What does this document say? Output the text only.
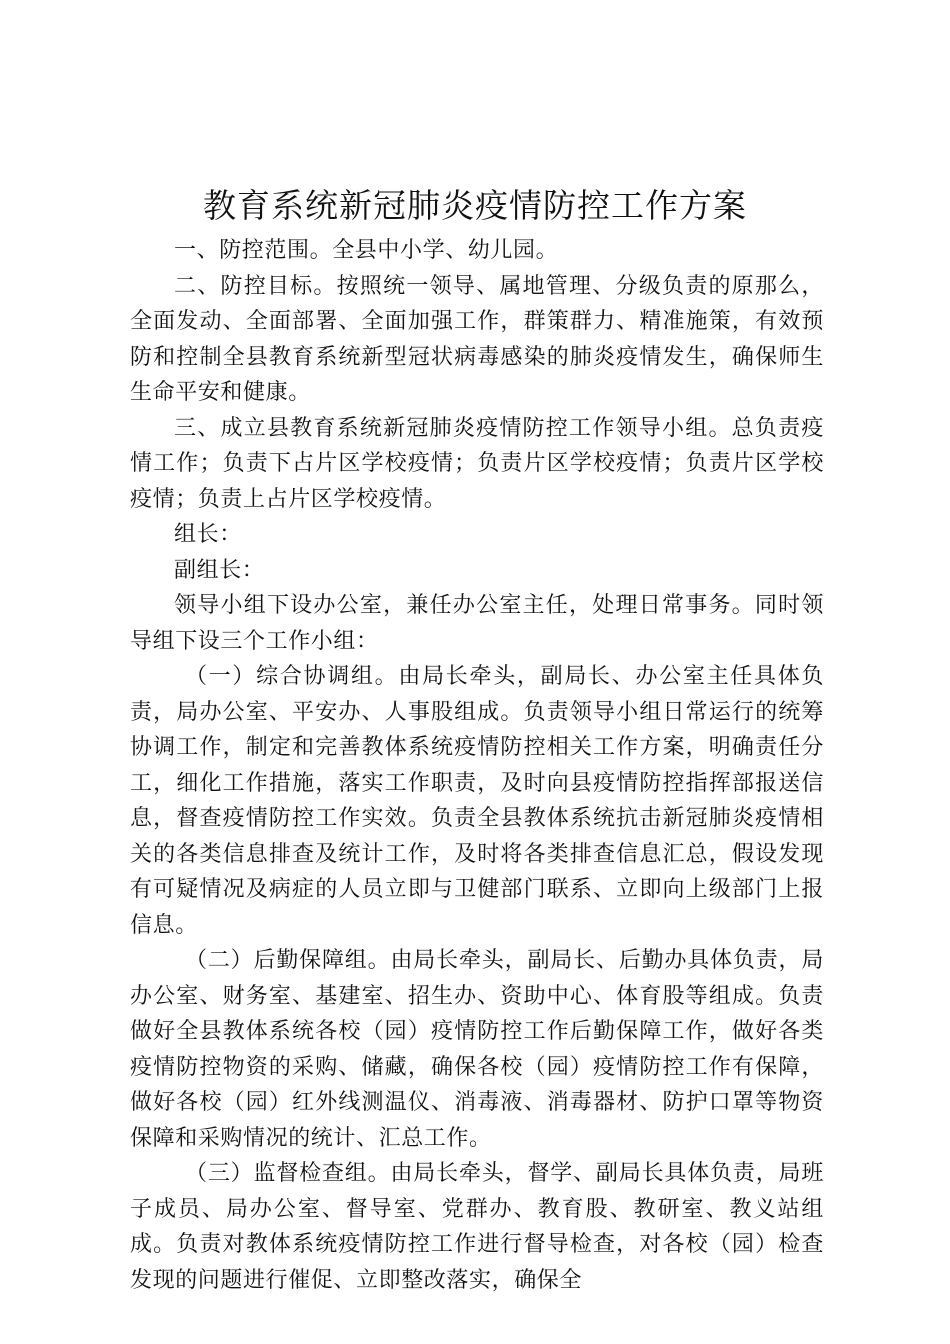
教育系统新冠肺炎疫情防控工作方案

一、防控范围。全县中小学、幼儿园。

二、防控目标。按照统一领导、属地管理、分级负责的原那么，全面发动、全面部署、全面加强工作，群策群力、精准施策，有效预防和控制全县教育系统新型冠状病毒感染的肺炎疫情发生，确保师生生命平安和健康。

三、成立县教育系统新冠肺炎疫情防控工作领导小组。总负责疫情工作；负责下占片区学校疫情；负责片区学校疫情；负责片区学校疫情；负责上占片区学校疫情。

组长：

副组长：

领导小组下设办公室，兼任办公室主任，处理日常事务。同时领导组下设三个工作小组：

（一）综合协调组。由局长牵头，副局长、办公室主任具体负责，局办公室、平安办、人事股组成。负责领导小组日常运行的统筹协调工作，制定和完善教体系统疫情防控相关工作方案，明确责任分工，细化工作措施，落实工作职责，及时向县疫情防控指挥部报送信息，督查疫情防控工作实效。负责全县教体系统抗击新冠肺炎疫情相关的各类信息排查及统计工作，及时将各类排查信息汇总，假设发现有可疑情况及病症的人员立即与卫健部门联系、立即向上级部门上报信息。

（二）后勤保障组。由局长牵头，副局长、后勤办具体负责，局办公室、财务室、基建室、招生办、资助中心、体育股等组成。负责做好全县教体系统各校（园）疫情防控工作后勤保障工作，做好各类疫情防控物资的采购、储藏，确保各校（园）疫情防控工作有保障，做好各校（园）红外线测温仪、消毒液、消毒器材、防护口罩等物资保障和采购情况的统计、汇总工作。

（三）监督检查组。由局长牵头，督学、副局长具体负责，局班子成员、局办公室、督导室、党群办、教育股、教研室、教义站组成。负责对教体系统疫情防控工作进行督导检查，对各校（园）检查发现的问题进行催促、立即整改落实，确保全
